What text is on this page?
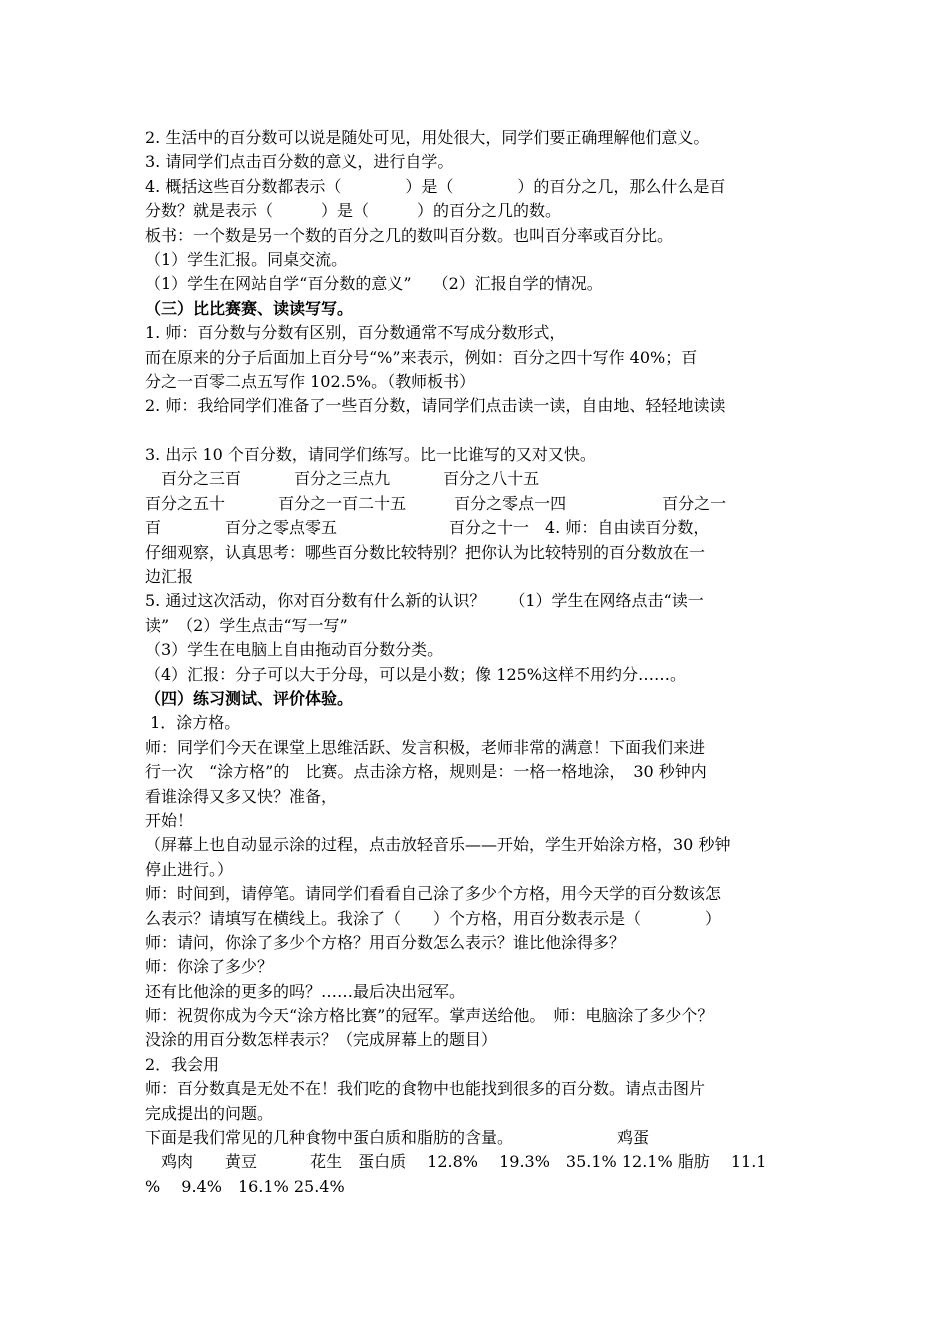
2. 生活中的百分数可以说是随处可见，用处很大，同学们要正确理解他们意义。
3. 请同学们点击百分数的意义，进行自学。
4. 概括这些百分数都表示（　　　　）是（　　　　）的百分之几，那么什么是百
分数？就是表示（　　　）是（　　　）的百分之几的数。
板书：一个数是另一个数的百分之几的数叫百分数。也叫百分率或百分比。
（1）学生汇报。同桌交流。
（1）学生在网站自学“百分数的意义”　 （2）汇报自学的情况。
（三）比比赛赛、读读写写。
1. 师：百分数与分数有区别，百分数通常不写成分数形式，
而在原来的分子后面加上百分号“%”来表示，例如：百分之四十写作 40%；百
分之一百零二点五写作 102.5%。（教师板书）
2. 师：我给同学们准备了一些百分数，请同学们点击读一读，自由地、轻轻地读读
3. 出示 10 个百分数，请同学们练写。比一比谁写的又对又快。
　百分之三百　　　 百分之三点九　　　 百分之八十五
百分之五十　　　 百分之一百二十五　　　百分之零点一四　　　　　　百分之一
百　　　　百分之零点零五　　　　　　　百分之十一　4. 师：自由读百分数，
仔细观察，认真思考：哪些百分数比较特别？把你认为比较特别的百分数放在一
边汇报
5. 通过这次活动，你对百分数有什么新的认识？　　（1）学生在网络点击“读一
读”　（2）学生点击“写一写”
（3）学生在电脑上自由拖动百分数分类。
（4）汇报：分子可以大于分母，可以是小数；像 125%这样不用约分……。
（四）练习测试、评价体验。
1．涂方格。
师：同学们今天在课堂上思维活跃、发言积极，老师非常的满意！下面我们来进
行一次　“涂方格”的　比赛。点击涂方格，规则是：一格一格地涂，　30 秒钟内
看谁涂得又多又快？准备，
开始！
（屏幕上也自动显示涂的过程，点击放轻音乐——开始，学生开始涂方格，30 秒钟
停止进行。）
师：时间到，请停笔。请同学们看看自己涂了多少个方格，用今天学的百分数该怎
么表示？请填写在横线上。我涂了（　　）个方格，用百分数表示是（　　　　）
师：请问，你涂了多少个方格？用百分数怎么表示？谁比他涂得多？
师：你涂了多少？
还有比他涂的更多的吗？……最后决出冠军。
师：祝贺你成为今天“涂方格比赛”的冠军。掌声送给他。　师：电脑涂了多少个？
没涂的用百分数怎样表示？（完成屏幕上的题目）
2．我会用
师：百分数真是无处不在！我们吃的食物中也能找到很多的百分数。请点击图片
完成提出的问题。
下面是我们常见的几种食物中蛋白质和脂肪的含量。　　　　　　　鸡蛋
　鸡肉　　黄豆　　　 花生　蛋白质　 12.8%　 19.3%　35.1% 12.1% 脂肪　 11.1
%　 9.4%　16.1% 25.4%
